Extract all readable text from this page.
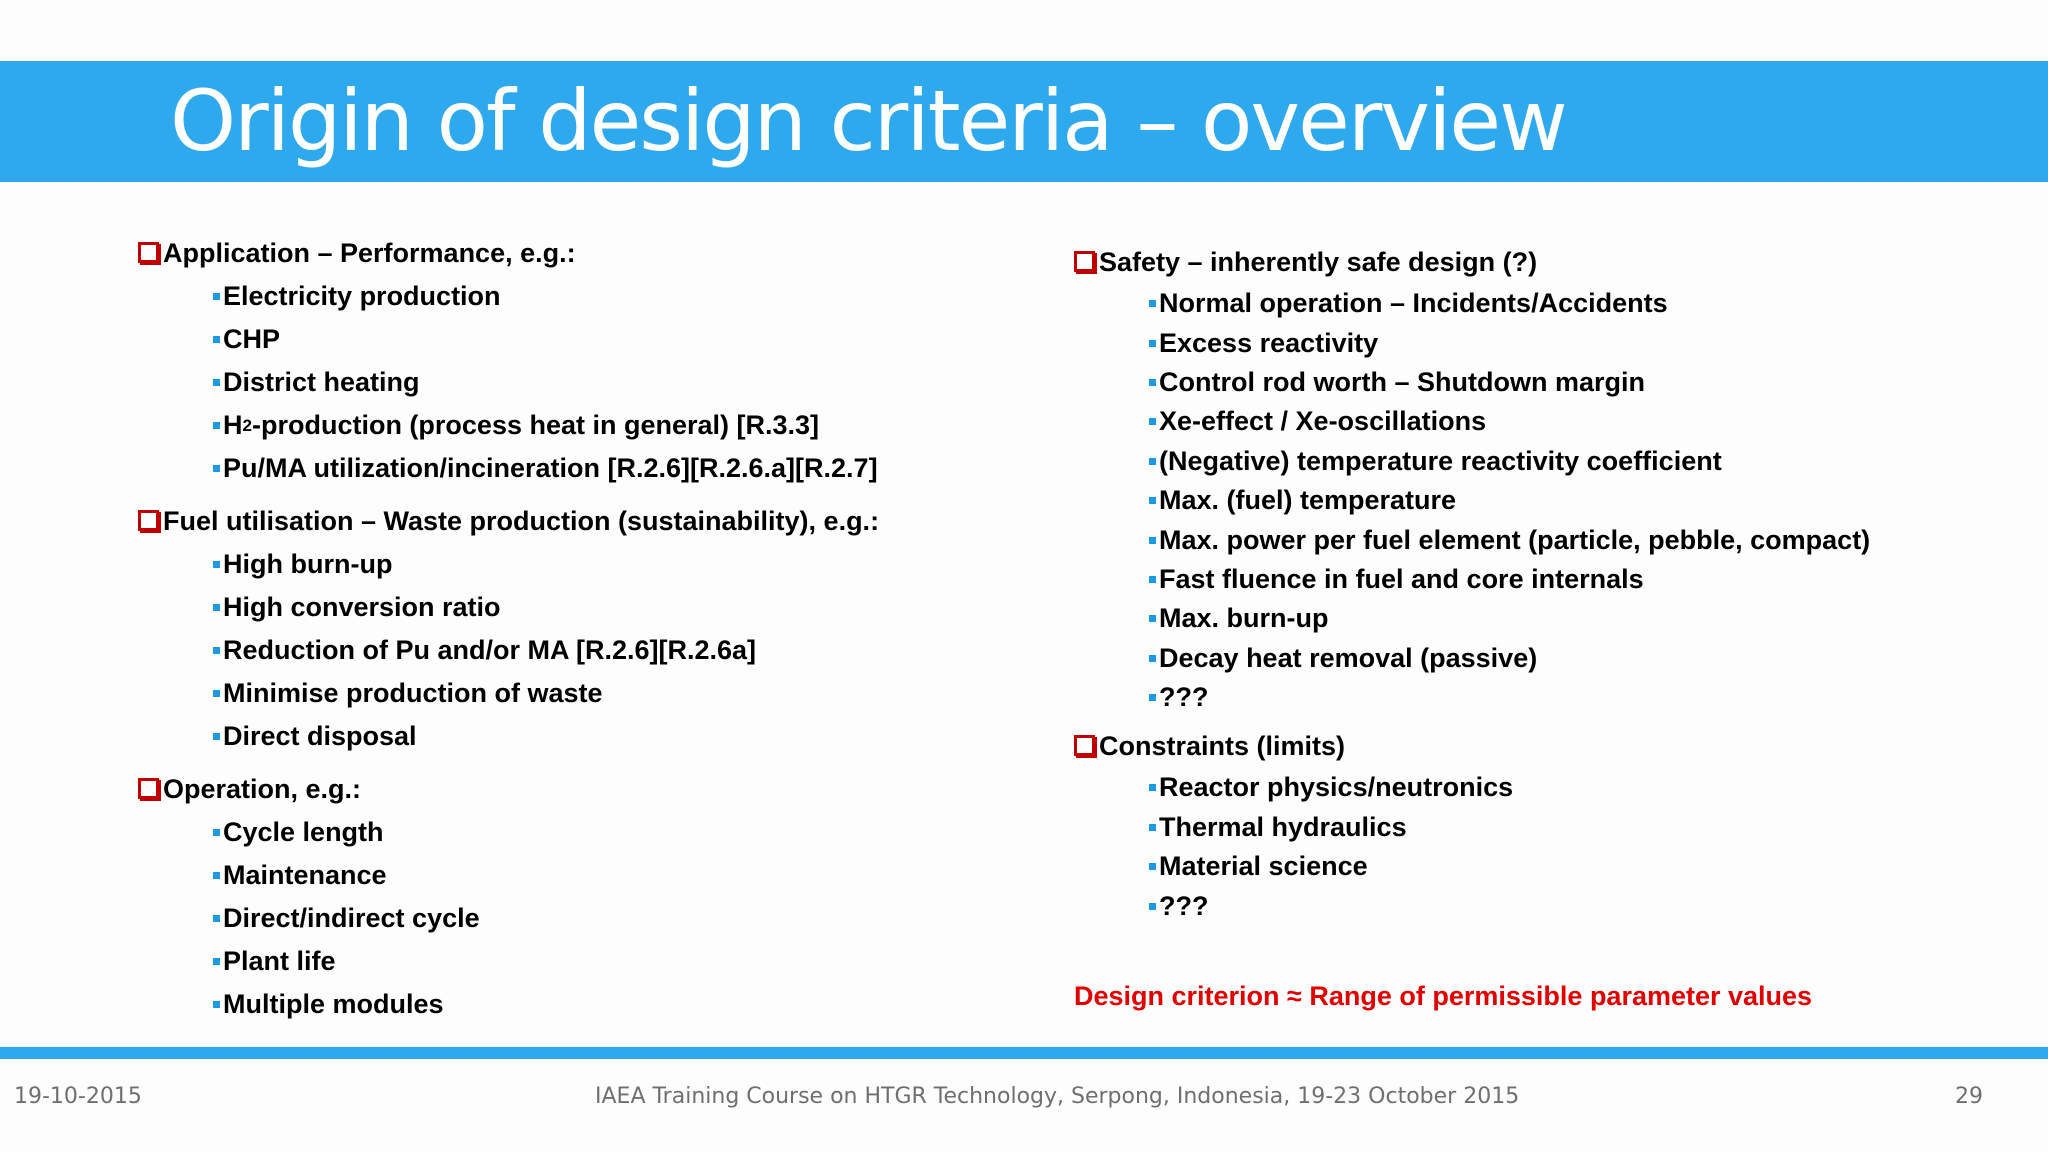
Origin of design criteria – overview
Application – Performance, e.g.:
Electricity production
CHP
District heating
H 2 -production (process heat in general) [R.3.3]
Pu/MA utilization/incineration [R.2.6][R.2.6.a][R.2.7]
Fuel utilisation – Waste production (sustainability), e.g.:
High burn-up
High conversion ratio
Reduction of Pu and/or MA [R.2.6][R.2.6a]
Minimise production of waste
Direct disposal
Operation, e.g.:
Cycle length
Maintenance
Direct/indirect cycle
Plant life
Multiple modules
Safety – inherently safe design (?)
Normal operation – Incidents/Accidents
Excess reactivity
Control rod worth – Shutdown margin
Xe-effect / Xe-oscillations
(Negative) temperature reactivity coefficient
Max. (fuel) temperature
Max. power per fuel element (particle, pebble, compact)
Fast fluence in fuel and core internals
Max. burn-up
Decay heat removal (passive)
???
Constraints (limits)
Reactor physics/neutronics
Thermal hydraulics
Material science
???
Design criterion ≈ Range of permissible parameter values
19-10-2015	IAEA Training Course on HTGR Technology, Serpong, Indonesia, 19-23 October 2015	29
